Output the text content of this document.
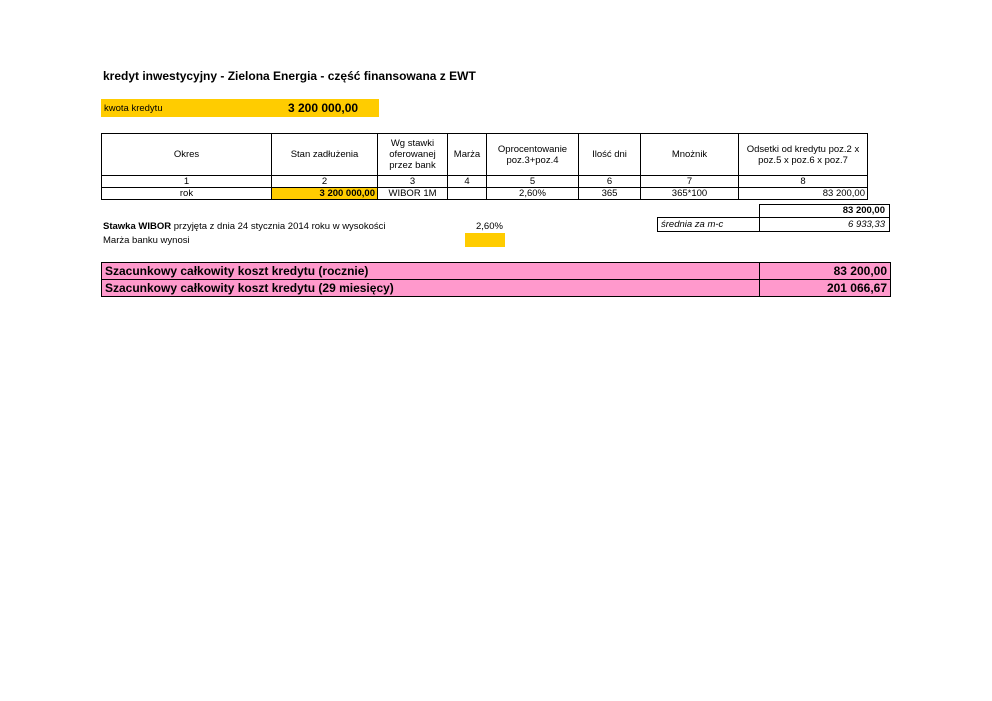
kredyt inwestycyjny - Zielona Energia - część finansowana z EWT
kwota kredytu	3 200 000,00
Okres	Stan zadłużenia	Wg stawki oferowanej przez bank	Marża	Oprocentowanie poz.3+poz.4	Ilość dni	Mnożnik	Odsetki od kredytu poz.2 x poz.5 x poz.6 x poz.7
1	2	3	4	5	6	7	8
rok	3 200 000,00	WIBOR 1M		2,60%	365	365*100	83 200,00
83 200,00
średnia za m-c	6 933,33
Stawka WIBOR przyjęta z dnia 24 stycznia 2014 roku w wysokości	2,60%
Marża banku wynosi
Szacunkowy całkowity koszt kredytu (rocznie)	83 200,00
Szacunkowy całkowity koszt kredytu (29 miesięcy)	201 066,67
